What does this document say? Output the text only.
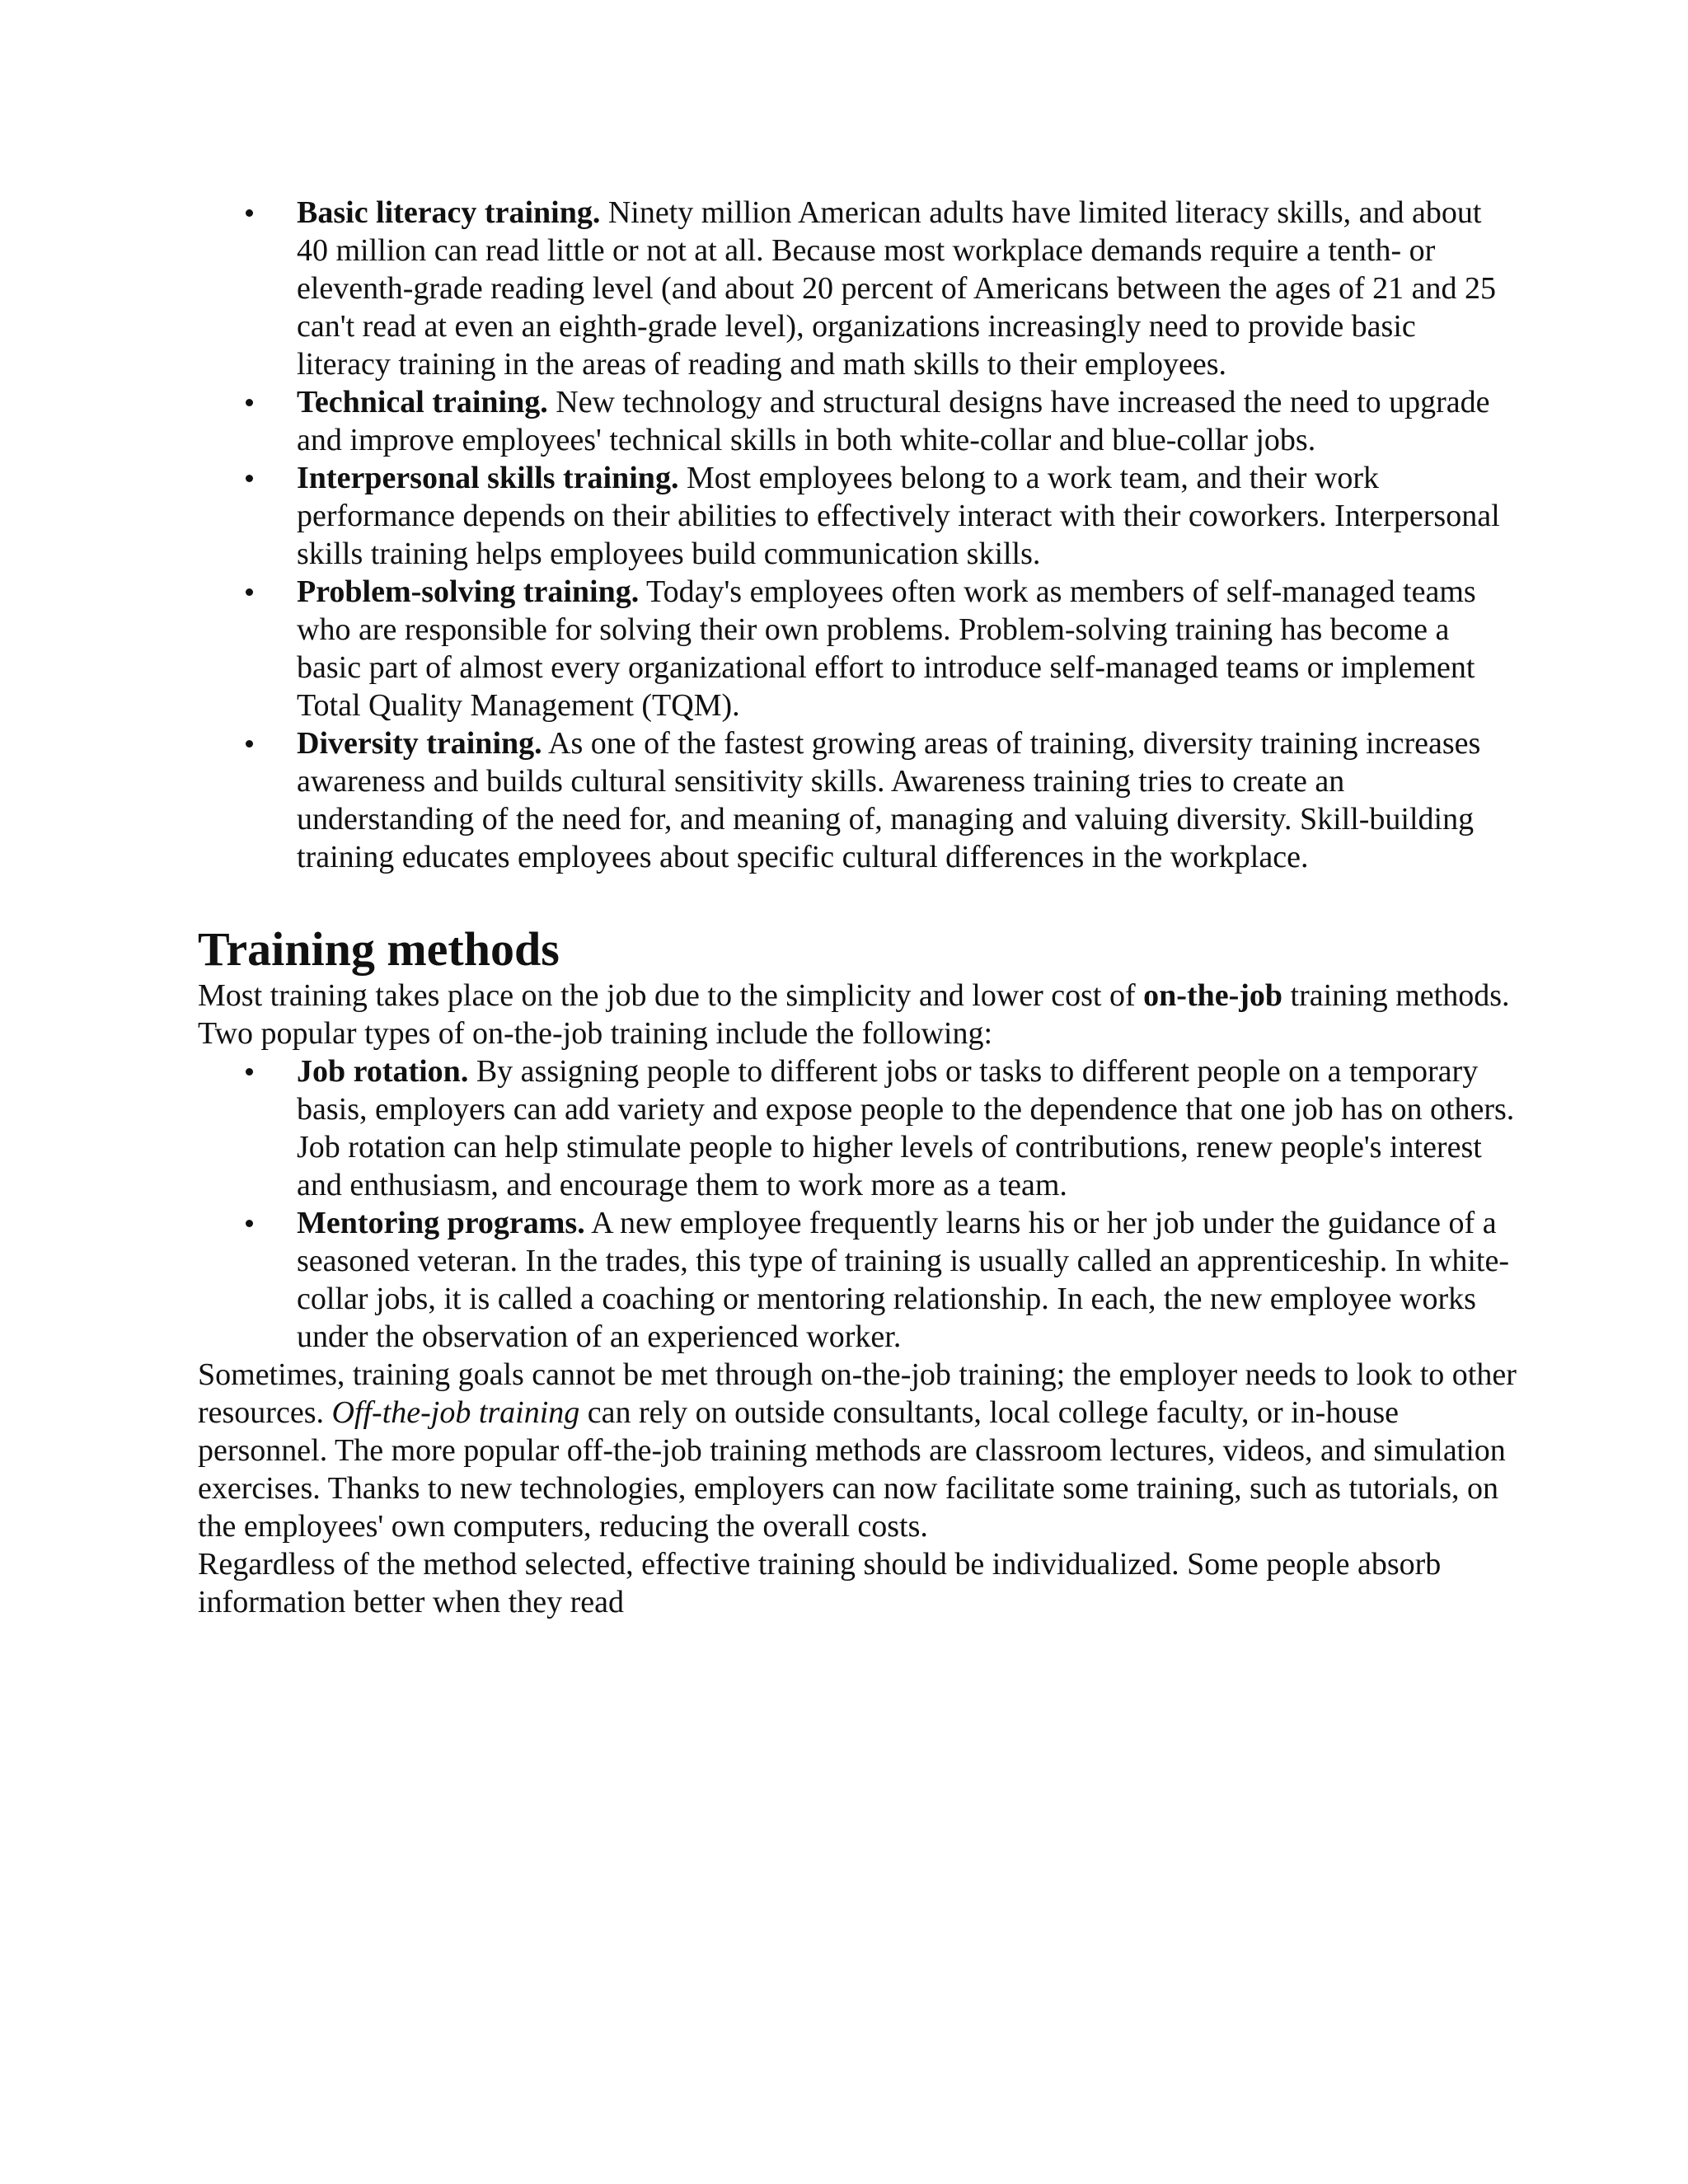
Basic literacy training. Ninety million American adults have limited literacy skills, and about 40 million can read little or not at all. Because most workplace demands require a tenth- or eleventh-grade reading level (and about 20 percent of Americans between the ages of 21 and 25 can't read at even an eighth-grade level), organizations increasingly need to provide basic literacy training in the areas of reading and math skills to their employees.
Technical training. New technology and structural designs have increased the need to upgrade and improve employees' technical skills in both white-collar and blue-collar jobs.
Interpersonal skills training. Most employees belong to a work team, and their work performance depends on their abilities to effectively interact with their coworkers. Interpersonal skills training helps employees build communication skills.
Problem-solving training. Today's employees often work as members of self-managed teams who are responsible for solving their own problems. Problem-solving training has become a basic part of almost every organizational effort to introduce self-managed teams or implement Total Quality Management (TQM).
Diversity training. As one of the fastest growing areas of training, diversity training increases awareness and builds cultural sensitivity skills. Awareness training tries to create an understanding of the need for, and meaning of, managing and valuing diversity. Skill-building training educates employees about specific cultural differences in the workplace.
Training methods

Most training takes place on the job due to the simplicity and lower cost of on-the-job training methods. Two popular types of on-the-job training include the following:

Job rotation. By assigning people to different jobs or tasks to different people on a temporary basis, employers can add variety and expose people to the dependence that one job has on others. Job rotation can help stimulate people to higher levels of contributions, renew people's interest and enthusiasm, and encourage them to work more as a team.
Mentoring programs. A new employee frequently learns his or her job under the guidance of a seasoned veteran. In the trades, this type of training is usually called an apprenticeship. In white-collar jobs, it is called a coaching or mentoring relationship. In each, the new employee works under the observation of an experienced worker.

Sometimes, training goals cannot be met through on-the-job training; the employer needs to look to other resources. Off-the-job training can rely on outside consultants, local college faculty, or in-house personnel. The more popular off-the-job training methods are classroom lectures, videos, and simulation exercises. Thanks to new technologies, employers can now facilitate some training, such as tutorials, on the employees' own computers, reducing the overall costs.

Regardless of the method selected, effective training should be individualized. Some people absorb information better when they read
